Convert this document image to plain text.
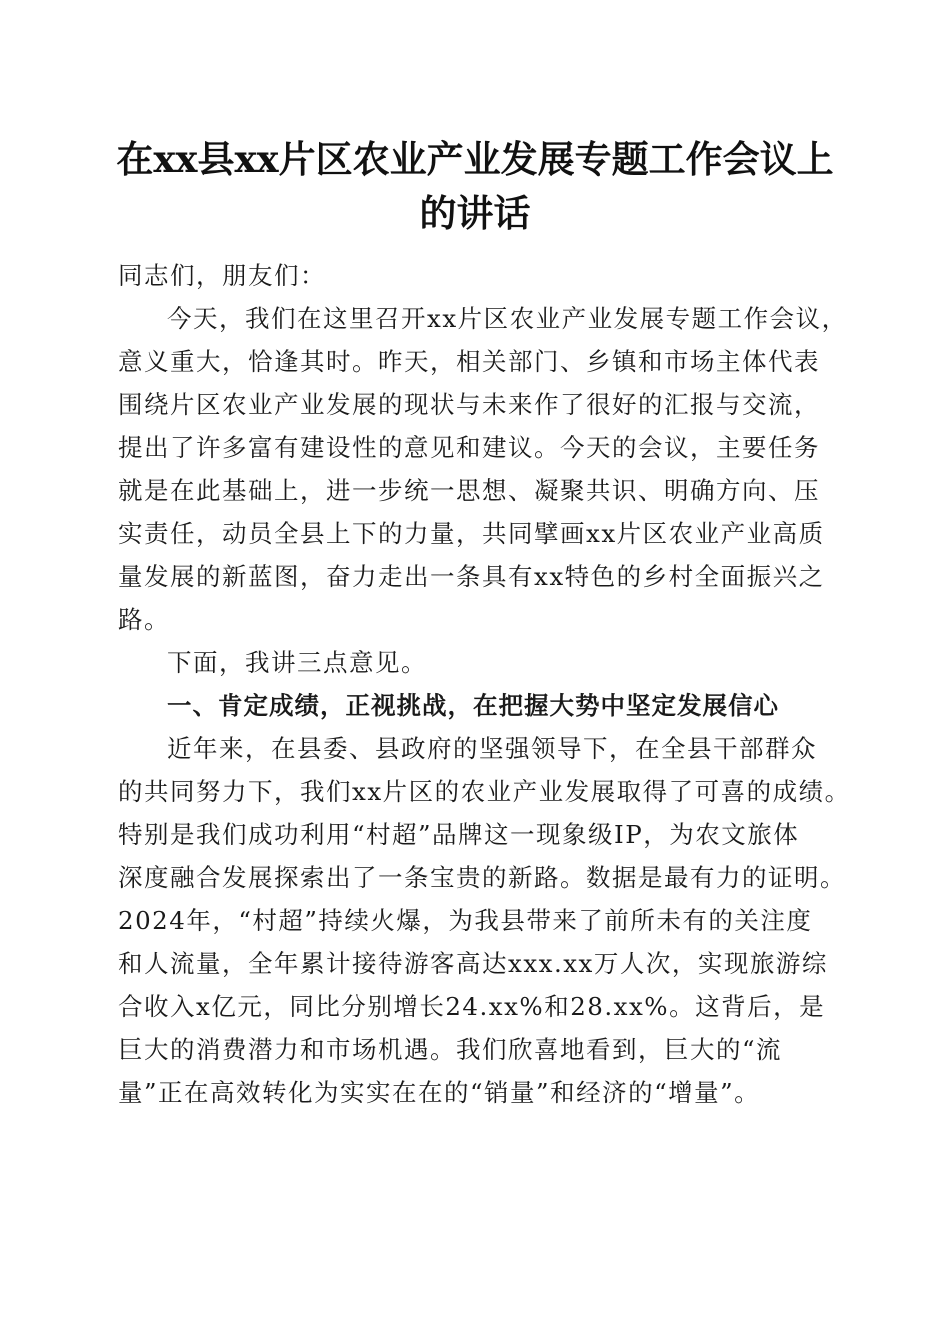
在xx县xx片区农业产业发展专题工作会议上
的讲话

同志们，朋友们：

今天，我们在这里召开xx片区农业产业发展专题工作会议，
意义重大，恰逢其时。昨天，相关部门、乡镇和市场主体代表
围绕片区农业产业发展的现状与未来作了很好的汇报与交流，
提出了许多富有建设性的意见和建议。今天的会议，主要任务
就是在此基础上，进一步统一思想、凝聚共识、明确方向、压
实责任，动员全县上下的力量，共同擘画xx片区农业产业高质
量发展的新蓝图，奋力走出一条具有xx特色的乡村全面振兴之
路。

下面，我讲三点意见。

一、肯定成绩，正视挑战，在把握大势中坚定发展信心

近年来，在县委、县政府的坚强领导下，在全县干部群众
的共同努力下，我们xx片区的农业产业发展取得了可喜的成绩。
特别是我们成功利用“村超”品牌这一现象级IP，为农文旅体
深度融合发展探索出了一条宝贵的新路。数据是最有力的证明。
2024年，“村超”持续火爆，为我县带来了前所未有的关注度
和人流量，全年累计接待游客高达xxx.xx万人次，实现旅游综
合收入x亿元，同比分别增长24.xx%和28.xx%。这背后，是
巨大的消费潜力和市场机遇。我们欣喜地看到，巨大的“流
量”正在高效转化为实实在在的“销量”和经济的“增量”。
